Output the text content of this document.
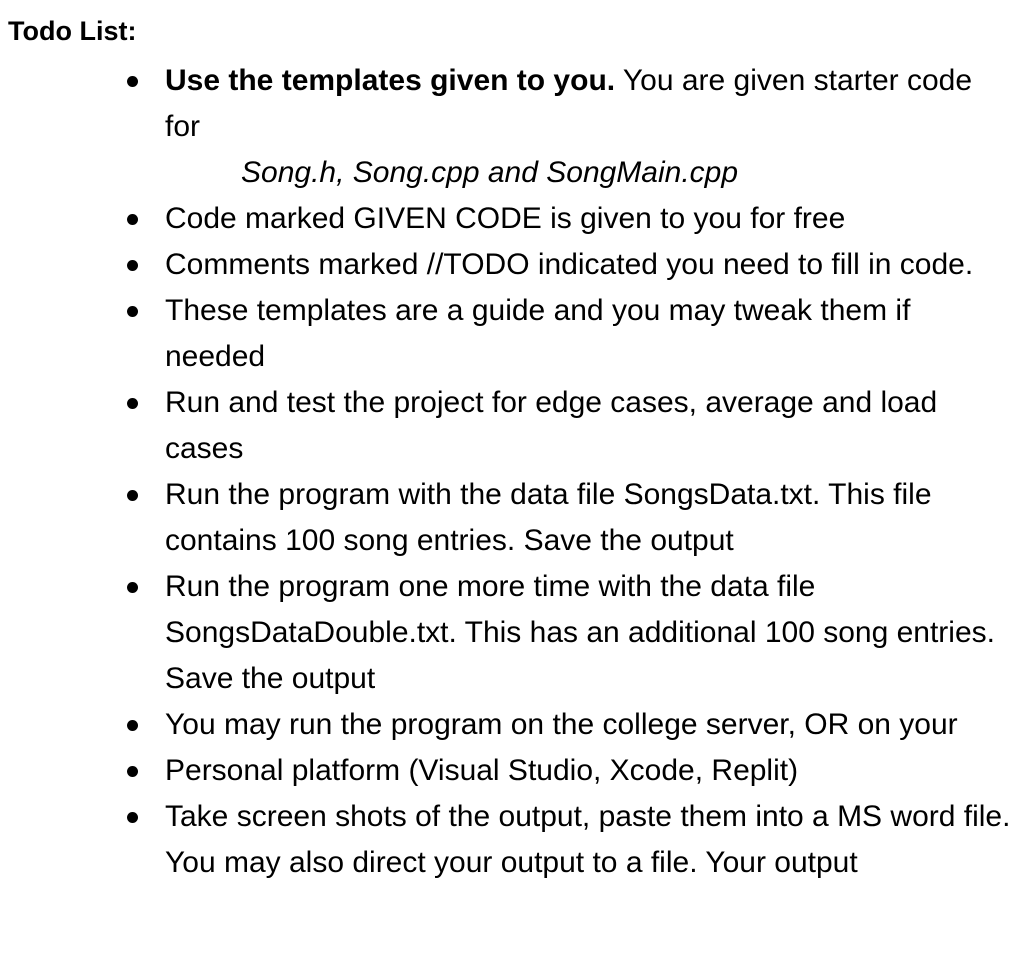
Todo List:
Use the templates given to you. You are given starter code for
Song.h, Song.cpp and SongMain.cpp
Code marked GIVEN CODE is given to you for free
Comments marked //TODO indicated you need to fill in code.
These templates are a guide and you may tweak them if needed
Run and test the project for edge cases, average and load cases
Run the program with the data file SongsData.txt. This file contains 100 song entries. Save the output
Run the program one more time with the data file SongsDataDouble.txt. This has an additional 100 song entries. Save the output
You may run the program on the college server, OR on your
Personal platform (Visual Studio, Xcode, Replit)
Take screen shots of the output, paste them into a MS word file. You may also direct your output to a file. Your output
